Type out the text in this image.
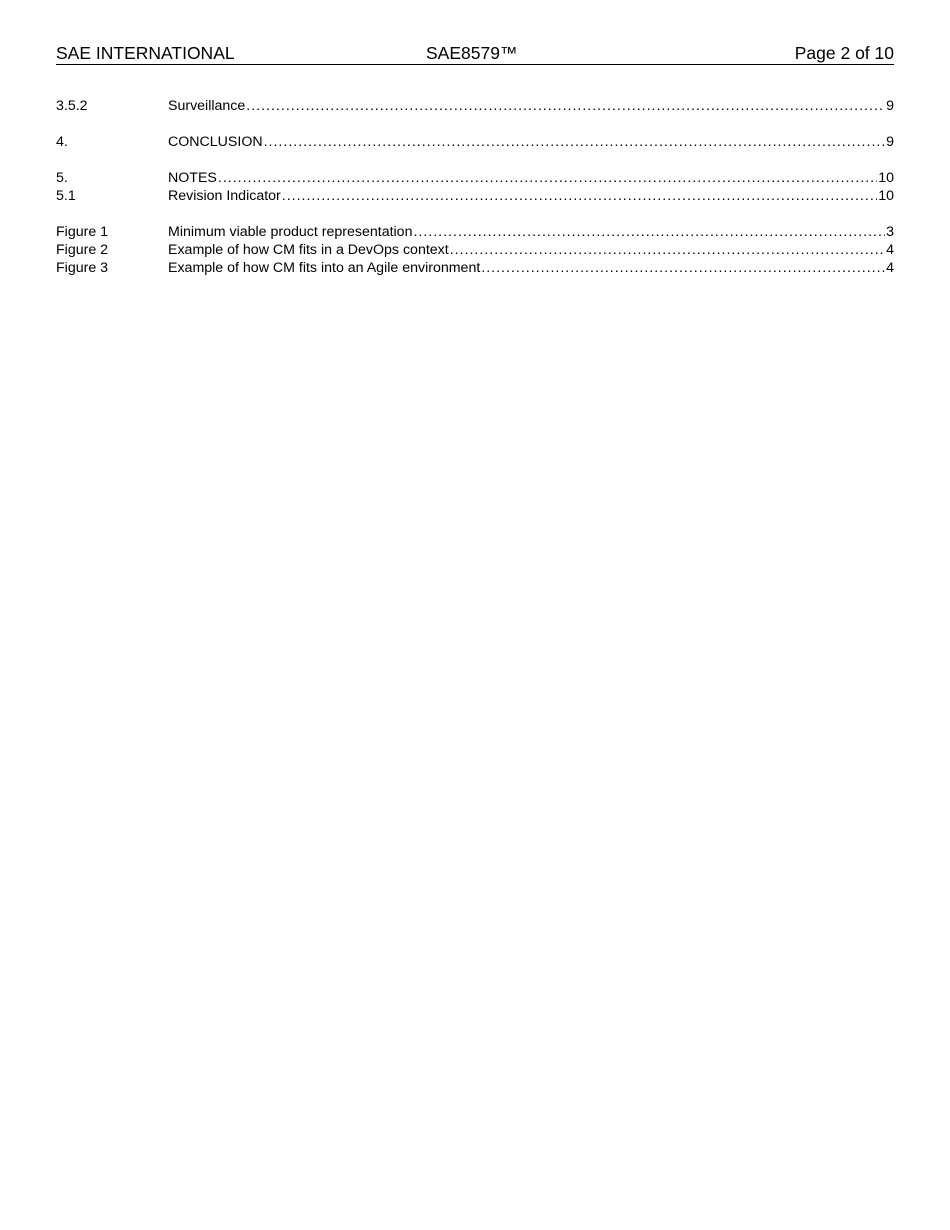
SAE INTERNATIONAL	SAE8579™	Page 2 of 10
3.5.2	Surveillance .....	9
4.	CONCLUSION .....	9
5.	NOTES .....	10
5.1	Revision Indicator .....	10
Figure 1	Minimum viable product representation .....	3
Figure 2	Example of how CM fits in a DevOps context .....	4
Figure 3	Example of how CM fits into an Agile environment .....	4
